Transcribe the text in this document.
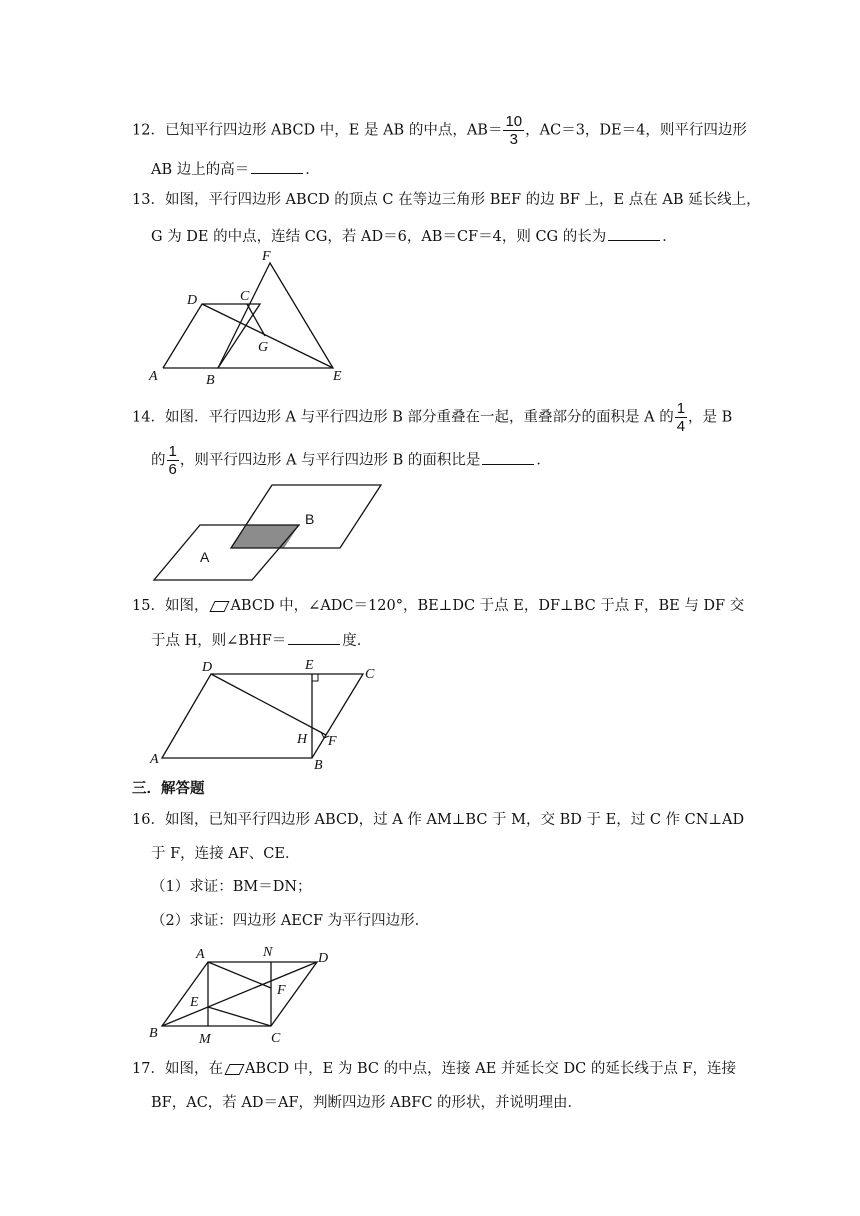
12．已知平行四边形 ABCD 中，E 是 AB 的中点，$AB= \frac{10}{3}$ ，AC＝3，DE＝4，则平行四边形
AB 边上的高＝	．
13．如图，平行四边形 ABCD 的顶点 C 在等边三角形 BEF 的边 BF 上，E 点在 AB 延长线上，
G 为 DE 的中点，连结 CG，若 AD＝6，AB＝CF＝4，则 CG 的长为	．
F
D	C
G
A	B	E
B
A
D	E
C
H F
A	B
A	N	D
E
F
B	M	C
14．如图．平行四边形 A 与平行四边形 B 部分重叠在一起，重叠部分的面积是 A 的 $\frac{1}{4}$ ，是 B
的 $\frac{1}{6}$ ，则平行四边形 A 与平行四边形 B 的面积比是	．
15．如图， ABCD 中，∠ADC＝120°，BE⊥DC 于点 E，DF⊥BC 于点 F，BE 与 DF 交
于点 H，则∠BHF＝	度．
三．解答题
16．如图，已知平行四边形 ABCD，过 A 作 AM⊥BC 于 M，交 BD 于 E，过 C 作 CN⊥AD
于 F，连接 AF、CE．
（1）求证：BM＝DN；
（2）求证：四边形 AECF 为平行四边形．
17．如图，在 ABCD 中，E 为 BC 的中点，连接 AE 并延长交 DC 的延长线于点 F，连接
BF，AC，若 AD＝AF，判断四边形 ABFC 的形状，并说明理由．
